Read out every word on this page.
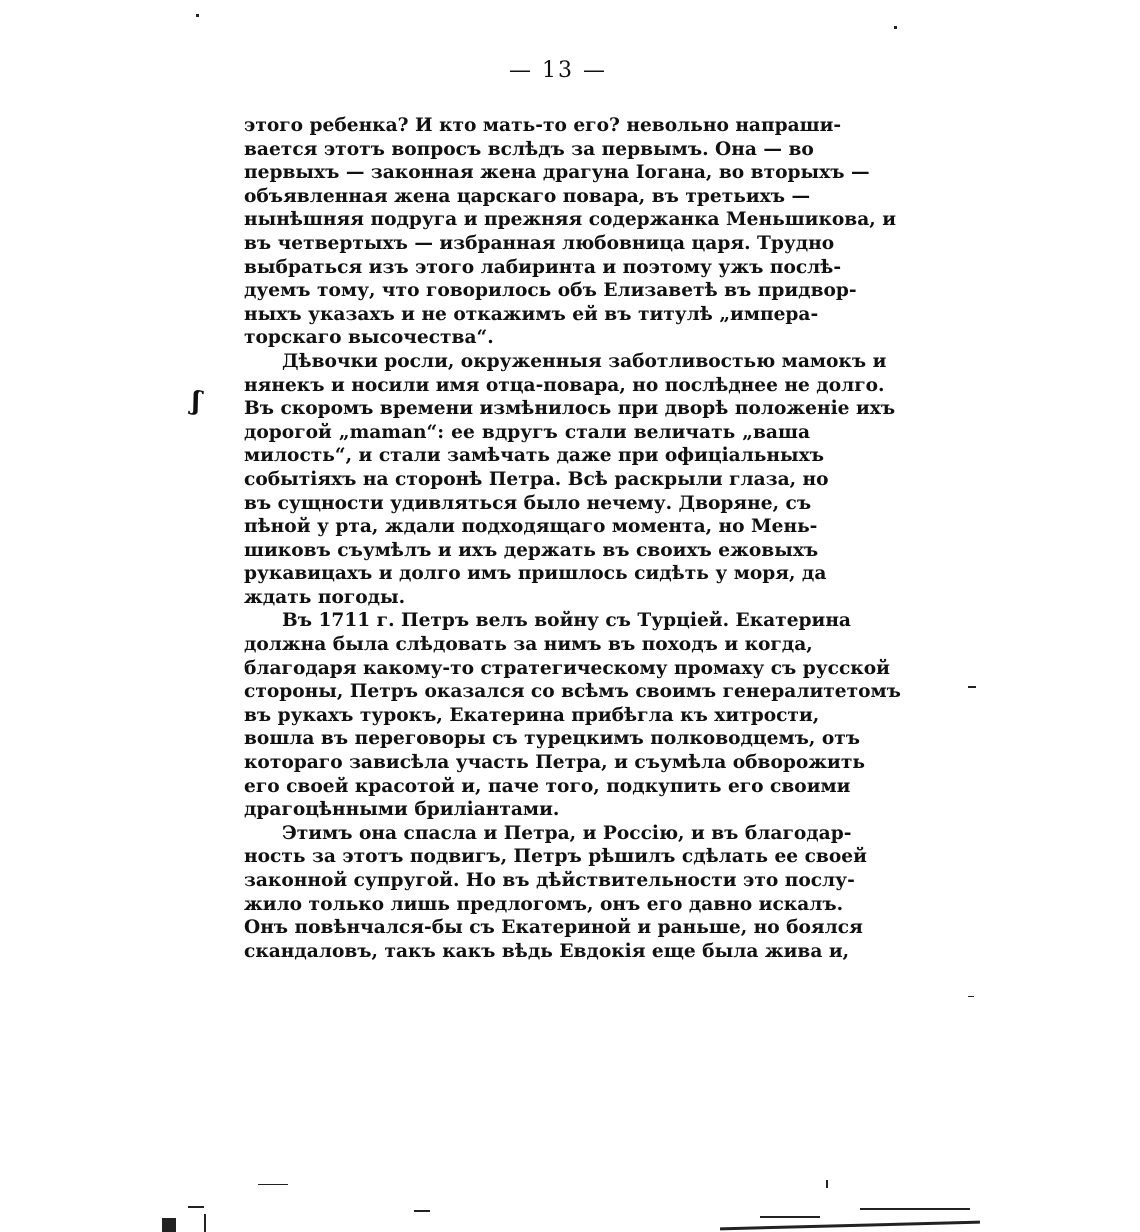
— 13 —
ʃ
этого ребенка? И кто мать-то его? невольно напраши-
вается этотъ вопросъ вслѣдъ за первымъ. Она — во
первыхъ — законная жена драгуна Iогана, во вторыхъ —
объявленная жена царскаго повара, въ третьихъ —
нынѣшняя подруга и прежняя содержанка Меньшикова, и
въ четвертыхъ — избранная любовница царя. Трудно
выбраться изъ этого лабиринта и поэтому ужъ послѣ-
дуемъ тому, что говорилось объ Елизаветѣ въ придвор-
ныхъ указахъ и не откажимъ ей въ титулѣ „импера-
торскаго высочества“.
Дѣвочки росли, окруженныя заботливостью мамокъ и
нянекъ и носили имя отца-повара, но послѣднее не долго.
Въ скоромъ времени измѣнилось при дворѣ положенiе ихъ
дорогой „maman“: ее вдругъ стали величать „ваша
милость“, и стали замѣчать даже при офицiальныхъ
событiяхъ на сторонѣ Петра. Всѣ раскрыли глаза, но
въ сущности удивляться было нечему. Дворяне, съ
пѣной у рта, ждали подходящаго момента, но Мень-
шиковъ съумѣлъ и ихъ держать въ своихъ ежовыхъ
рукавицахъ и долго имъ пришлось сидѣть у моря, да
ждать погоды.
Въ 1711 г. Петръ велъ войну съ Турцiей. Екатерина
должна была слѣдовать за нимъ въ походъ и когда,
благодаря какому-то стратегическому промаху съ русской
стороны, Петръ оказался со всѣмъ своимъ генералитетомъ
въ рукахъ турокъ, Екатерина прибѣгла къ хитрости,
вошла въ переговоры съ турецкимъ полководцемъ, отъ
котораго зависѣла участь Петра, и съумѣла обворожить
его своей красотой и, паче того, подкупить его своими
драгоцѣнными брилiантами.
Этимъ она спасла и Петра, и Россiю, и въ благодар-
ность за этотъ подвигъ, Петръ рѣшилъ сдѣлать ее своей
законной супругой. Но въ дѣйствительности это послу-
жило только лишь предлогомъ, онъ его давно искалъ.
Онъ повѣнчался-бы съ Екатериной и раньше, но боялся
скандаловъ, такъ какъ вѣдь Евдокiя еще была жива и,
